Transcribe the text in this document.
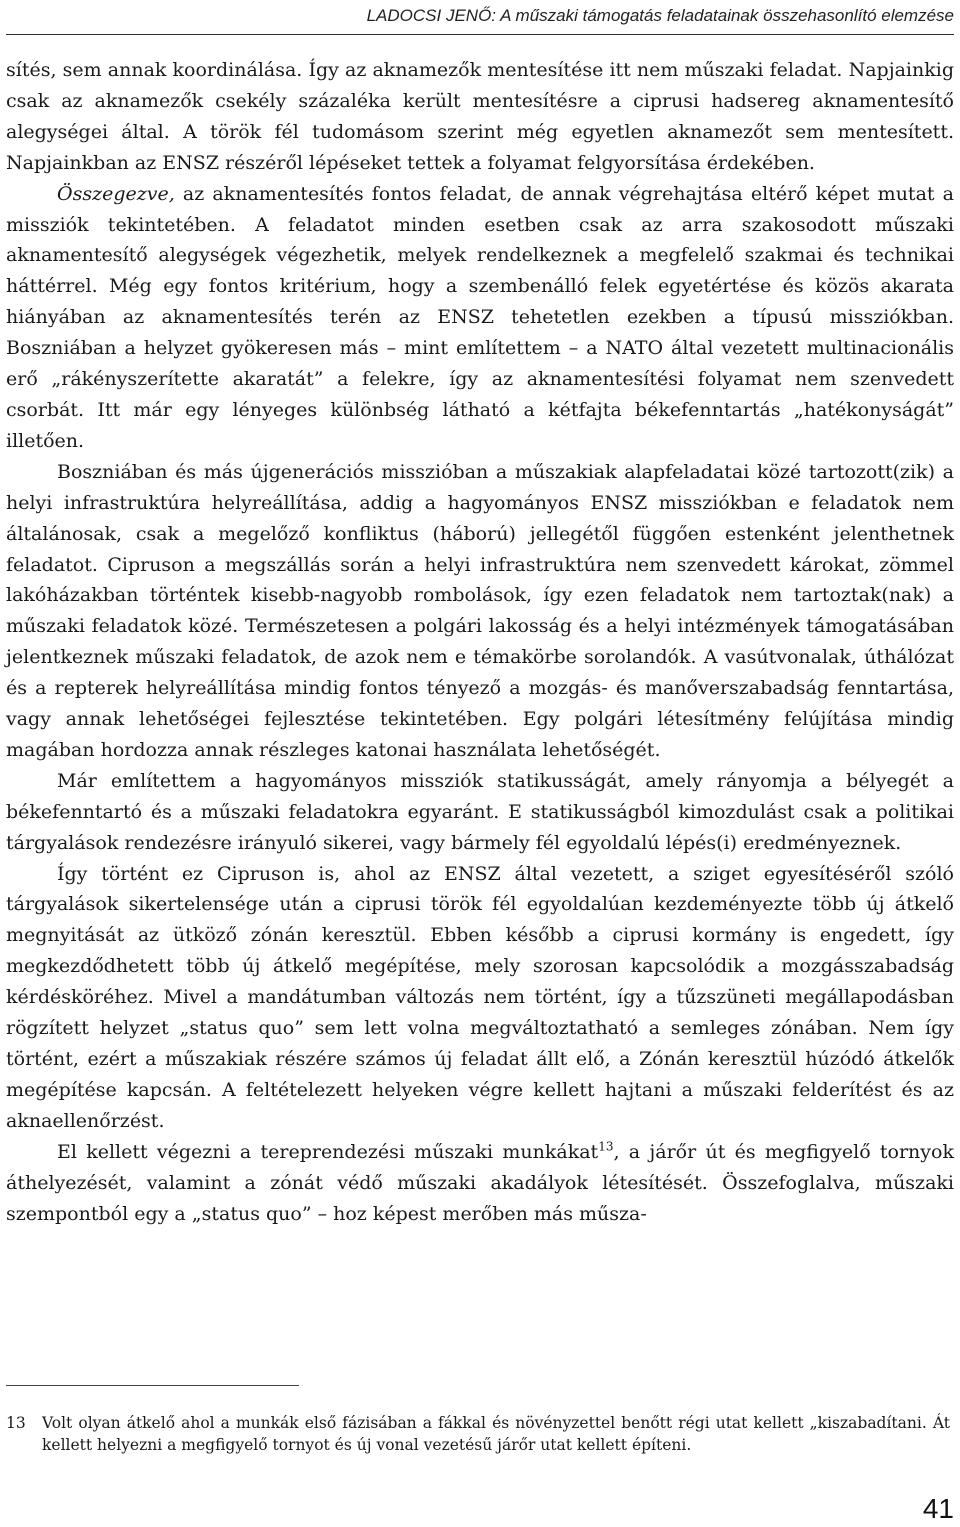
LADOCSI JENŐ: A műszaki támogatás feladatainak összehasonlító elemzése

sítés, sem annak koordinálása. Így az aknamezők mentesítése itt nem műszaki feladat. Napjainkig csak az aknamezők csekély százaléka került mentesítésre a ciprusi hadsereg aknamentesítő alegységei által. A török fél tudomásom szerint még egyetlen aknamezőt sem mentesített. Napjainkban az ENSZ részéről lépéseket tettek a folyamat felgyorsítása érdekében.

Összegezve, az aknamentesítés fontos feladat, de annak végrehajtása eltérő képet mutat a missziók tekintetében. A feladatot minden esetben csak az arra szakosodott műszaki aknamentesítő alegységek végezhetik, melyek rendelkeznek a megfelelő szakmai és technikai háttérrel. Még egy fontos kritérium, hogy a szembenálló felek egyetértése és közös akarata hiányában az aknamentesítés terén az ENSZ tehetetlen ezekben a típusú missziókban. Boszniában a helyzet gyökeresen más – mint említettem – a NATO által vezetett multinacionális erő „rákényszerítette akaratát” a felekre, így az aknamentesítési folyamat nem szenvedett csorbát. Itt már egy lényeges különbség látható a kétfajta békefenntartás „hatékonyságát” illetően.

Boszniában és más újgenerációs misszióban a műszakiak alapfeladatai közé tartozott(zik) a helyi infrastruktúra helyreállítása, addig a hagyományos ENSZ missziókban e feladatok nem általánosak, csak a megelőző konfliktus (háború) jellegétől függően estenként jelenthetnek feladatot. Cipruson a megszállás során a helyi infrastruktúra nem szenvedett károkat, zömmel lakóházakban történtek kisebb-nagyobb rombolások, így ezen feladatok nem tartoztak(nak) a műszaki feladatok közé. Természetesen a polgári lakosság és a helyi intézmények támogatásában jelentkeznek műszaki feladatok, de azok nem e témakörbe sorolandók. A vasútvonalak, úthálózat és a repterek helyreállítása mindig fontos tényező a mozgás- és manőverszabadság fenntartása, vagy annak lehetőségei fejlesztése tekintetében. Egy polgári létesítmény felújítása mindig magában hordozza annak részleges katonai használata lehetőségét.

Már említettem a hagyományos missziók statikusságát, amely rányomja a bélyegét a békefenntartó és a műszaki feladatokra egyaránt. E statikusságból kimozdulást csak a politikai tárgyalások rendezésre irányuló sikerei, vagy bármely fél egyoldalú lépés(i) eredményeznek.

Így történt ez Cipruson is, ahol az ENSZ által vezetett, a sziget egyesítéséről szóló tárgyalások sikertelensége után a ciprusi török fél egyoldalúan kezdeményezte több új átkelő megnyitását az ütköző zónán keresztül. Ebben később a ciprusi kormány is engedett, így megkezdődhetett több új átkelő megépítése, mely szorosan kapcsolódik a mozgásszabadság kérdésköréhez. Mivel a mandátumban változás nem történt, így a tűzszüneti megállapodásban rögzített helyzet „status quo” sem lett volna megváltoztatható a semleges zónában. Nem így történt, ezért a műszakiak részére számos új feladat állt elő, a Zónán keresztül húzódó átkelők megépítése kapcsán. A feltételezett helyeken végre kellett hajtani a műszaki felderítést és az aknaellenőrzést.

El kellett végezni a tereprendezési műszaki munkákat$^{13}$, a járőr út és megfigyelő tornyok áthelyezését, valamint a zónát védő műszaki akadályok létesítését. Összefoglalva, műszaki szempontból egy a „status quo” – hoz képest merőben más műsza-

13	Volt olyan átkelő ahol a munkák első fázisában a fákkal és növényzettel benőtt régi utat kellett „kiszabadítani. Át kellett helyezni a megfigyelő tornyot és új vonal vezetésű járőr utat kellett építeni.
41
